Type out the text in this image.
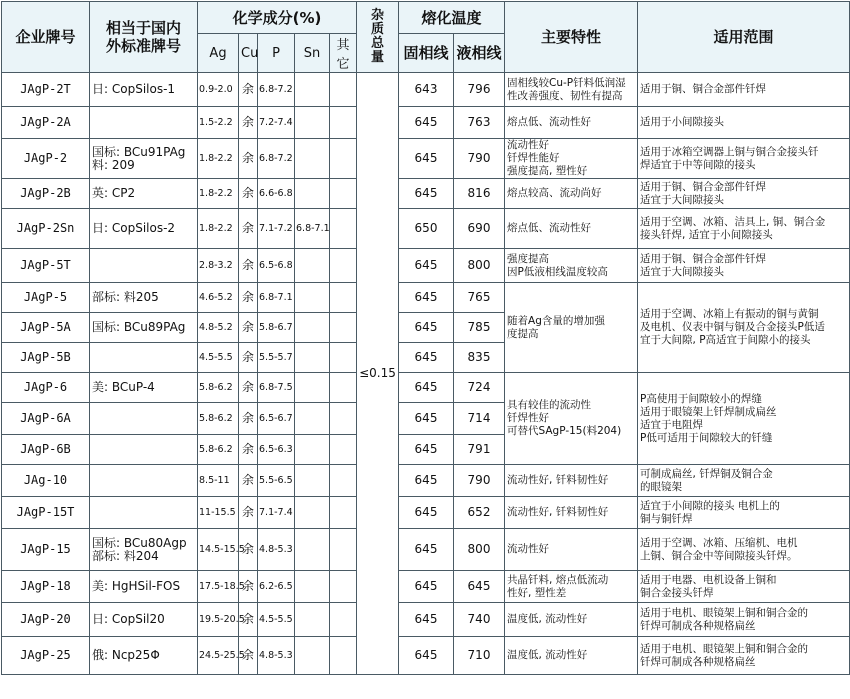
企业牌号	相当于国内
外标准牌号	化学成分(%)					杂
质
总
量	熔化温度		主要特性	适用范围
		Ag	Cu	P	Sn	其它		固相线	液相线		
JAgP-2T	日: CopSilos-1	0.9-2.0	余	6.8-7.2			≤0.15	643	796	固相线较Cu-P钎料低润湿
性改善强度、韧性有提高	适用于铜、铜合金部件钎焊
JAgP-2A		1.5-2.2	余	7.2-7.4				645	763	熔点低、流动性好	适用于小间隙接头
JAgP-2	国标: BCu91PAg
料: 209	1.8-2.2	余	6.8-7.2				645	790	流动性好
钎焊性能好
强度提高, 塑性好	适用于冰箱空调器上铜与铜合金接头钎
焊适宜于中等间隙的接头
JAgP-2B	英: CP2	1.8-2.2	余	6.6-6.8				645	816	熔点较高、流动尚好	适用于铜、铜合金部件钎焊
适宜于大间隙接头
JAgP-2Sn	日: CopSilos-2	1.8-2.2	余	7.1-7.2	6.8-7.1			650	690	熔点低、流动性好	适用于空调、冰箱、洁具上, 铜、铜合金
接头钎焊, 适宜于小间隙接头
JAgP-5T		2.8-3.2	余	6.5-6.8				645	800	强度提高
因P低液相线温度较高	适用于铜、铜合金部件钎焊
适宜于大间隙接头
JAgP-5	部标: 料205	4.6-5.2	余	6.8-7.1				645	765	随着Ag含量的增加强
度提高	适用于空调、冰箱上有振动的铜与黄铜
及电机、仪表中铜与铜及合金接头P低适
宜于大间隙, P高适宜于间隙小的接头
JAgP-5A	国标: BCu89PAg	4.8-5.2	余	5.8-6.7				645	785		
JAgP-5B		4.5-5.5	余	5.5-5.7				645	835		
JAgP-6	美: BCuP-4	5.8-6.2	余	6.8-7.5				645	724	具有较佳的流动性
钎焊性好
可替代SAgP-15(料204)	P高使用于间隙较小的焊缝
适用于眼镜架上钎焊制成扁丝
适宜于电阻焊
P低可适用于间隙较大的钎缝
JAgP-6A		5.8-6.2	余	6.5-6.7				645	714		
JAgP-6B		5.8-6.2	余	6.5-6.3				645	791		
JAg-10		8.5-11	余	5.5-6.5				645	790	流动性好, 钎料韧性好	可制成扁丝, 钎焊铜及铜合金
的眼镜架
JAgP-15T		11-15.5	余	7.1-7.4				645	652	流动性好, 钎料韧性好	适宜于小间隙的接头 电机上的
铜与铜钎焊
JAgP-15	国标: BCu80Agp
部标: 料204	14.5-15.5	余	4.8-5.3				645	800	流动性好	适用于空调、冰箱、压缩机、电机
上铜、铜合金中等间隙接头钎焊。
JAgP-18	美: HgHSil-FOS	17.5-18.5	余	6.2-6.5				645	645	共晶钎料, 熔点低流动
性好, 塑性差	适用于电器、电机设备上铜和
铜合金接头钎焊
JAgP-20	日: CopSil20	19.5-20.5	余	4.5-5.5				645	740	温度低, 流动性好	适用于电机、眼镜架上铜和铜合金的
钎焊可制成各种规格扁丝
JAgP-25	俄: Ncp25Φ	24.5-25.5	余	4.8-5.3				645	710	温度低, 流动性好	适用于电机、眼镜架上铜和铜合金的
钎焊可制成各种规格扁丝
